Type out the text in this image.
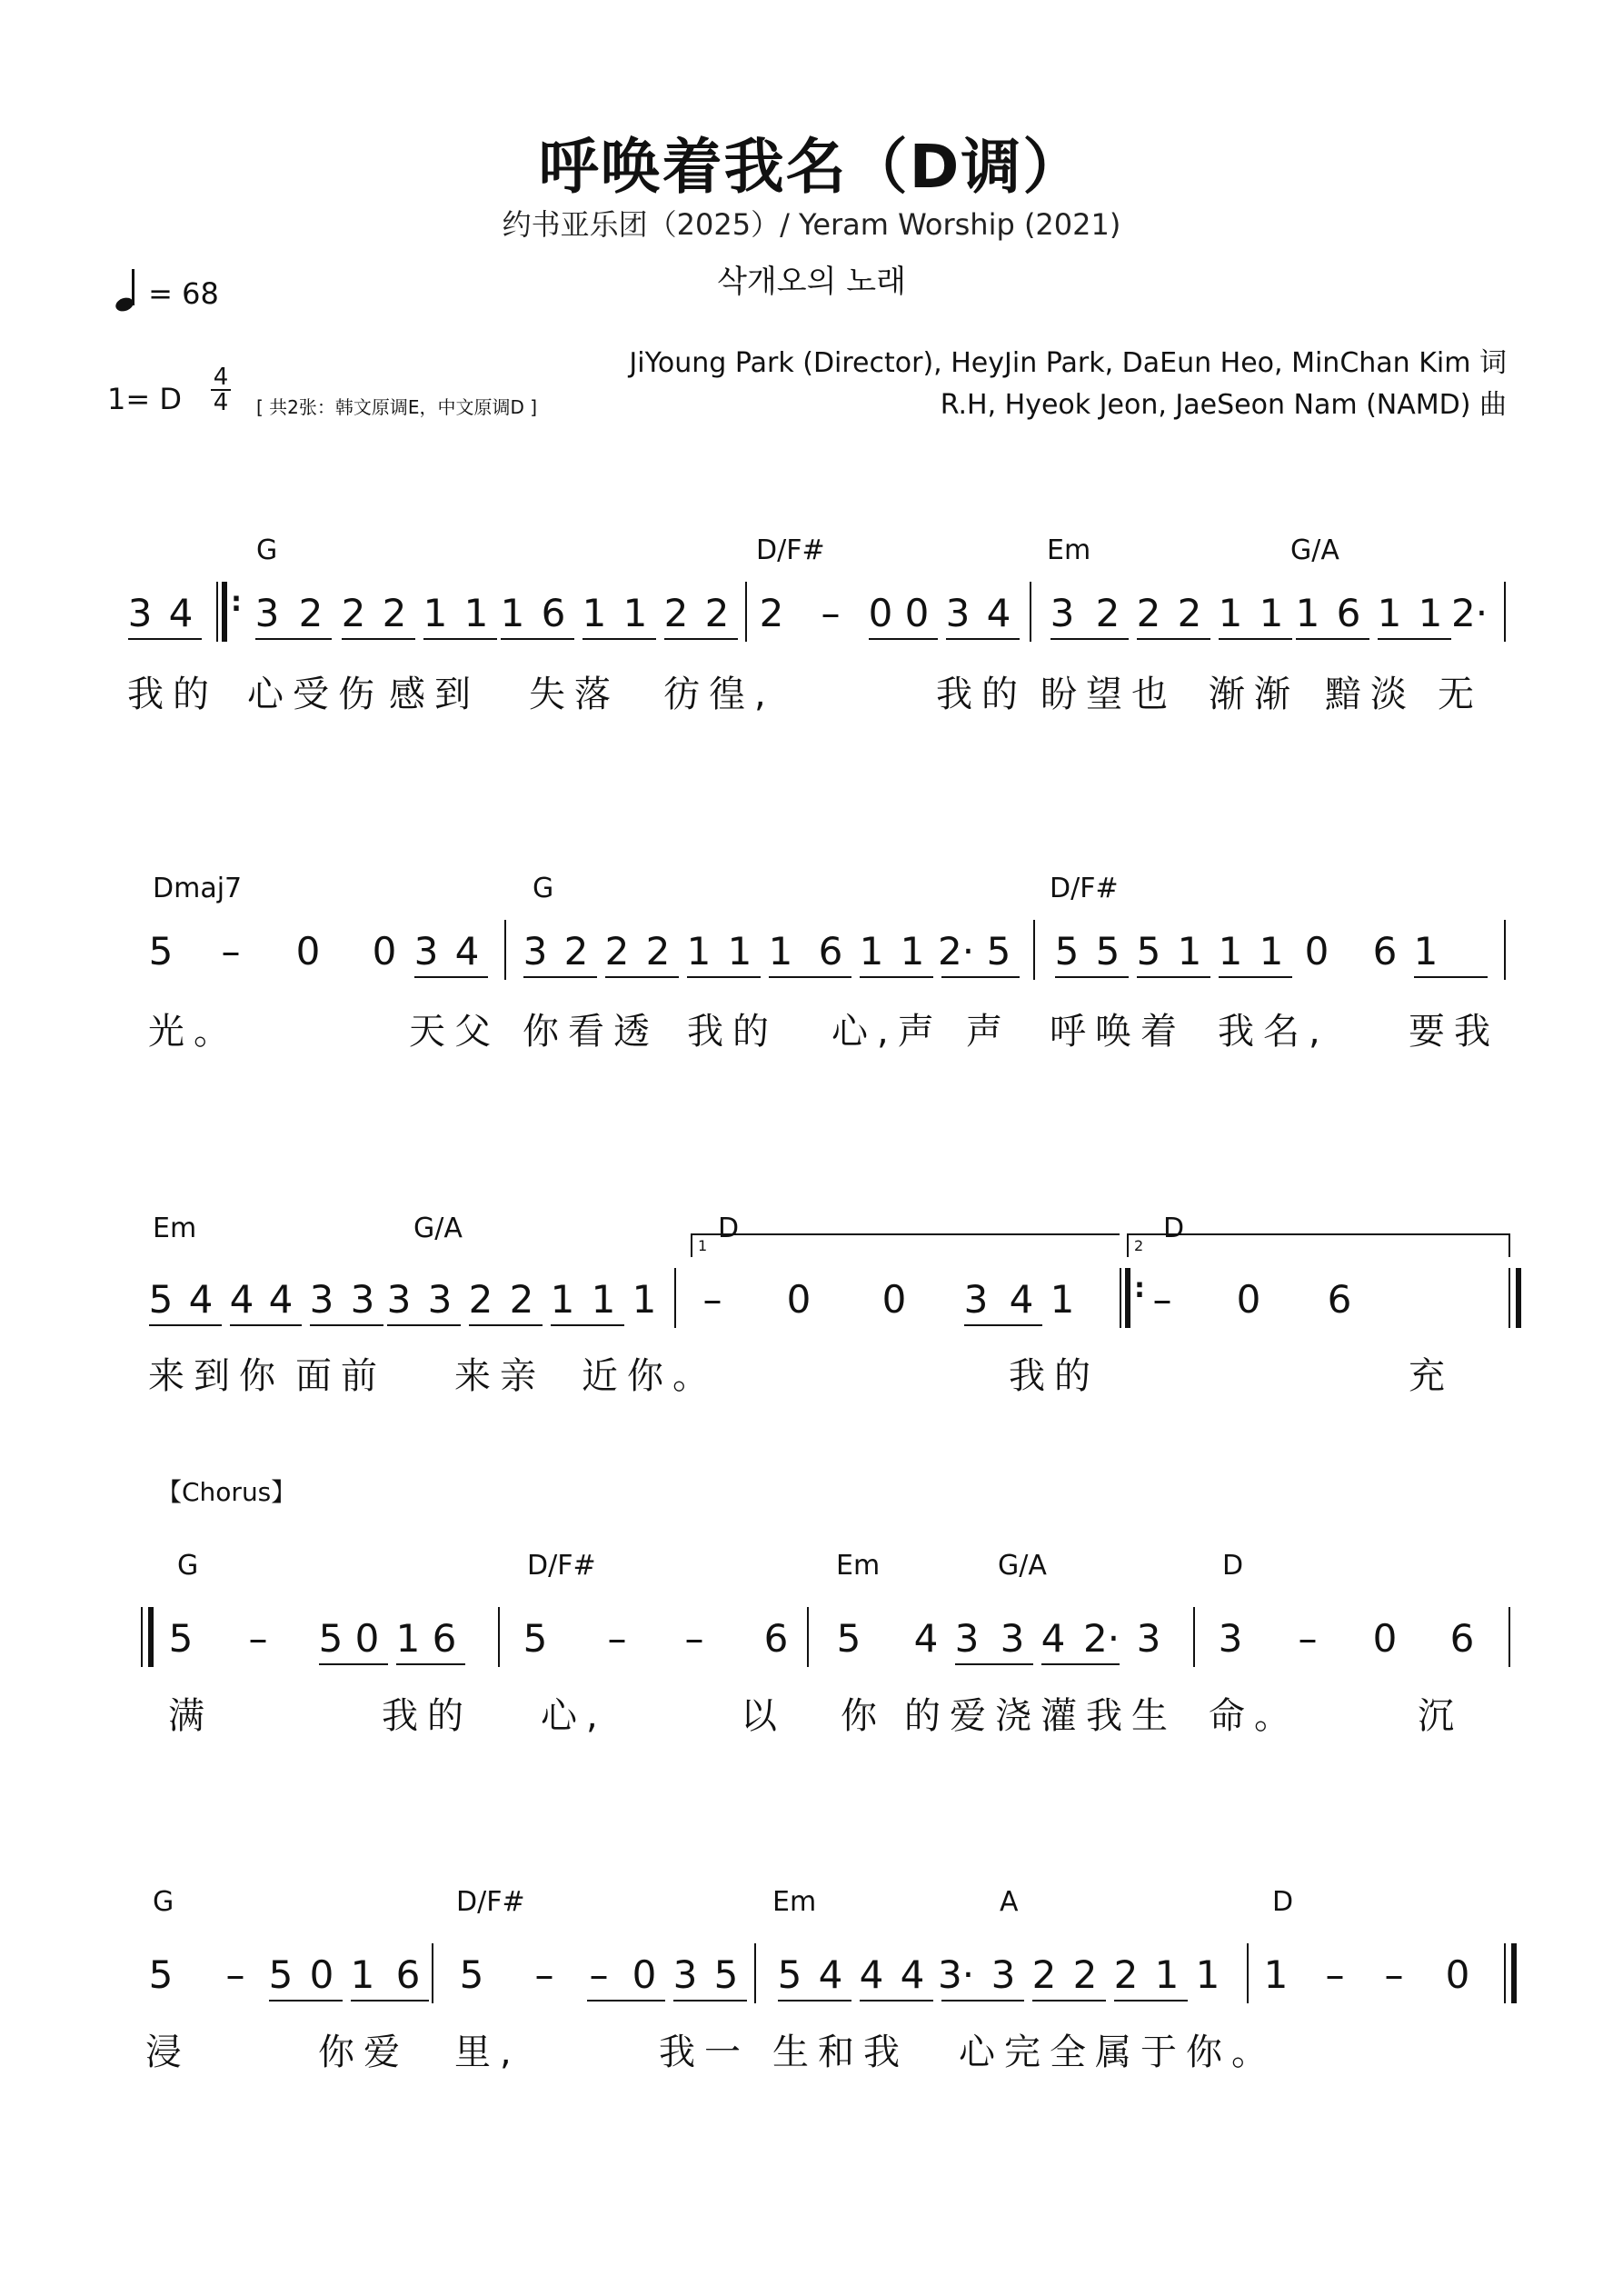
呼唤着我名（D调）
约书亚乐团（2025）/ Yeram Worship (2021)
삭개오의 노래
= 68
JiYoung Park (Director), HeyJin Park, DaEun Heo, MinChan Kim 词
R.H, Hyeok Jeon, JaeSeon Nam (NAMD) 曲
1= D
4
4 [ 共2张：韩文原调E，中文原调D ]
G	D/F#	Em	G/A
3 4 3 2 2 2 1 1 1 6 1 1 2 2 2 – 0 0 3 4 3 2 2 2 1 1 1 6 1 1 2·
我的 心受伤 感到 失落 彷徨,	我的 盼望也 渐渐 黯淡 无
:
Dmaj7	G	D/F#
5 – 0 0 3 4 3 2 2 2 1 1 1 6 1 1 2· 5 5 5 5 1 1 1 0 6 1
光。	天父 你看透 我的 心,声 声 呼唤着 我名, 要我
Em	G/A	D	D
5 4 4 4 3 3 3 3 2 2 1 1 1 – 0 0 3 4 1 – 0 6
来到你 面前 来亲 近你。	我的	充
:
1	2
【Chorus】
G	D/F#	Em	G/A	D
5 – 5 0 1 6 5 – – 6 5 4 3 3 4 2· 3 3 – 0 6
满	我的 心,	以 你 的爱浇灌我生 命。	沉
G	D/F#	Em	A	D
5 – 5 0 1 6 5 – – 0 3 5 5 4 4 4 3· 3 2 2 2 1 1 1 – – 0
浸	你爱 里,	我一 生和我 心完全属 于你。
